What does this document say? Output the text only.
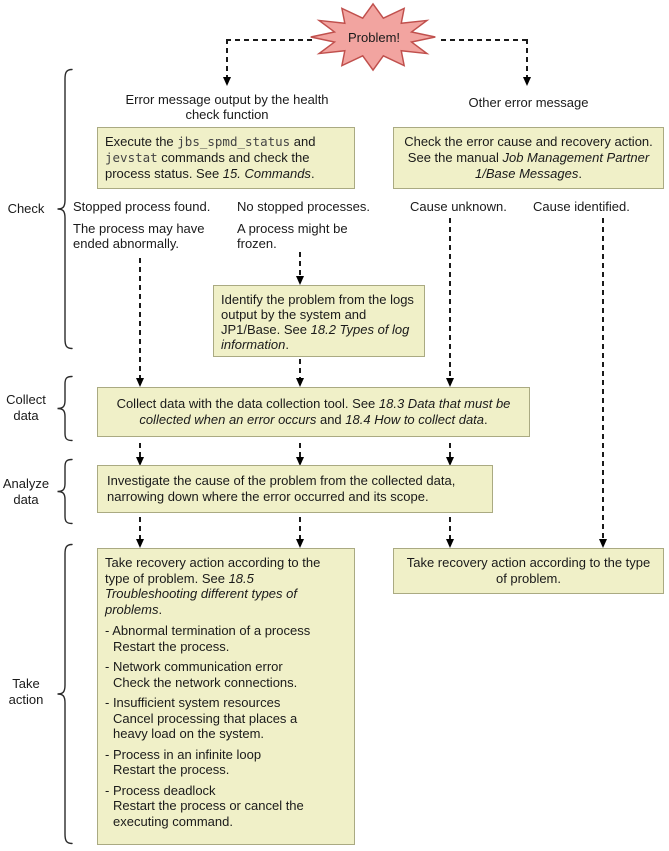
Problem!
Error message output by the health check function
Other error message
Execute the jbs_spmd_status and jevstat commands and check the process status. See 15. Commands.
Check the error cause and recovery action. See the manual Job Management Partner 1/Base Messages.
Stopped process found.
The process may have ended abnormally.
No stopped processes.
A process might be frozen.
Cause unknown.	Cause identified.
Identify the problem from the logs output by the system and JP1/Base. See 18.2 Types of log information.
Collect data with the data collection tool. See 18.3 Data that must be collected when an error occurs and 18.4 How to collect data.
Investigate the cause of the problem from the collected data, narrowing down where the error occurred and its scope.
Take recovery action according to the type of problem. See 18.5 Troubleshooting different types of problems.
- Abnormal termination of a process
Restart the process.
- Network communication error
Check the network connections.
- Insufficient system resources
Cancel processing that places a heavy load on the system.
- Process in an infinite loop
Restart the process.
- Process deadlock
Restart the process or cancel the executing command.
Take recovery action according to the type of problem.
Check
Collect
data
Analyze
data
Take
action
